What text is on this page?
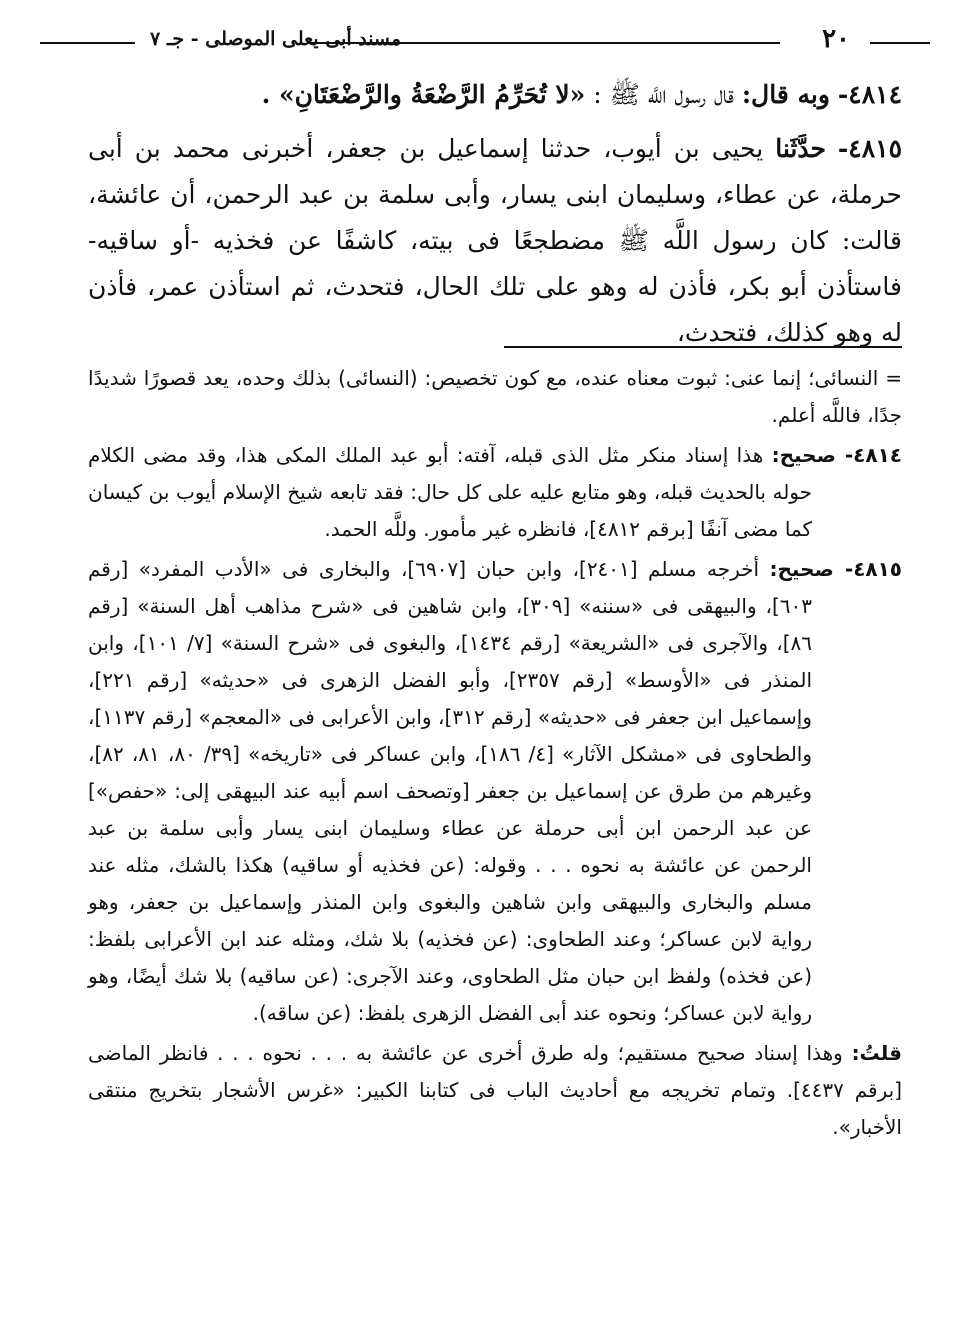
٢٠
مسند أبى يعلى الموصلى - جـ ٧

٤٨١٤- وبه قال: قال رسول اللَّه ﷺ : «لا تُحَرِّمُ الرَّضْعَةُ والرَّضْعَتَانِ» .

٤٨١٥- حدَّثَنا يحيى بن أيوب، حدثنا إسماعيل بن جعفر، أخبرنى محمد بن أبى حرملة، عن عطاء، وسليمان ابنى يسار، وأبى سلمة بن عبد الرحمن، أن عائشة، قالت: كان رسول اللَّه ﷺ مضطجعًا فى بيته، كاشفًا عن فخذيه -أو ساقيه- فاستأذن أبو بكر، فأذن له وهو على تلك الحال، فتحدث، ثم استأذن عمر، فأذن له وهو كذلك، فتحدث،

= النسائى؛ إنما عنى: ثبوت معناه عنده، مع كون تخصيص: (النسائى) بذلك وحده، يعد قصورًا شديدًا جدًا، فاللَّه أعلم.

٤٨١٤- صحيح: هذا إسناد منكر مثل الذى قبله، آفته: أبو عبد الملك المكى هذا، وقد مضى الكلام حوله بالحديث قبله، وهو متابع عليه على كل حال: فقد تابعه شيخ الإسلام أيوب بن كيسان كما مضى آنفًا [برقم ٤٨١٢]، فانظره غير مأمور. وللَّه الحمد.

٤٨١٥- صحيح: أخرجه مسلم [٢٤٠١]، وابن حبان [٦٩٠٧]، والبخارى فى «الأدب المفرد» [رقم ٦٠٣]، والبيهقى فى «سننه» [٣٠٩]، وابن شاهين فى «شرح مذاهب أهل السنة» [رقم ٨٦]، والآجرى فى «الشريعة» [رقم ١٤٣٤]، والبغوى فى «شرح السنة» [٧/ ١٠١]، وابن المنذر فى «الأوسط» [رقم ٢٣٥٧]، وأبو الفضل الزهرى فى «حديثه» [رقم ٢٢١]، وإسماعيل ابن جعفر فى «حديثه» [رقم ٣١٢]، وابن الأعرابى فى «المعجم» [رقم ١١٣٧]، والطحاوى فى «مشكل الآثار» [٤/ ١٨٦]، وابن عساكر فى «تاريخه» [٣٩/ ٨٠، ٨١، ٨٢]، وغيرهم من طرق عن إسماعيل بن جعفر [وتصحف اسم أبيه عند البيهقى إلى: «حفص»] عن عبد الرحمن ابن أبى حرملة عن عطاء وسليمان ابنى يسار وأبى سلمة بن عبد الرحمن عن عائشة به نحوه . . . وقوله: (عن فخذيه أو ساقيه) هكذا بالشك، مثله عند مسلم والبخارى والبيهقى وابن شاهين والبغوى وابن المنذر وإسماعيل بن جعفر، وهو رواية لابن عساكر؛ وعند الطحاوى: (عن فخذيه) بلا شك، ومثله عند ابن الأعرابى بلفظ: (عن فخذه) ولفظ ابن حبان مثل الطحاوى، وعند الآجرى: (عن ساقيه) بلا شك أيضًا، وهو رواية لابن عساكر؛ ونحوه عند أبى الفضل الزهرى بلفظ: (عن ساقه).

قلتُ: وهذا إسناد صحيح مستقيم؛ وله طرق أخرى عن عائشة به . . . نحوه . . . فانظر الماضى [برقم ٤٤٣٧]. وتمام تخريجه مع أحاديث الباب فى كتابنا الكبير: «غرس الأشجار بتخريج منتقى الأخبار».
